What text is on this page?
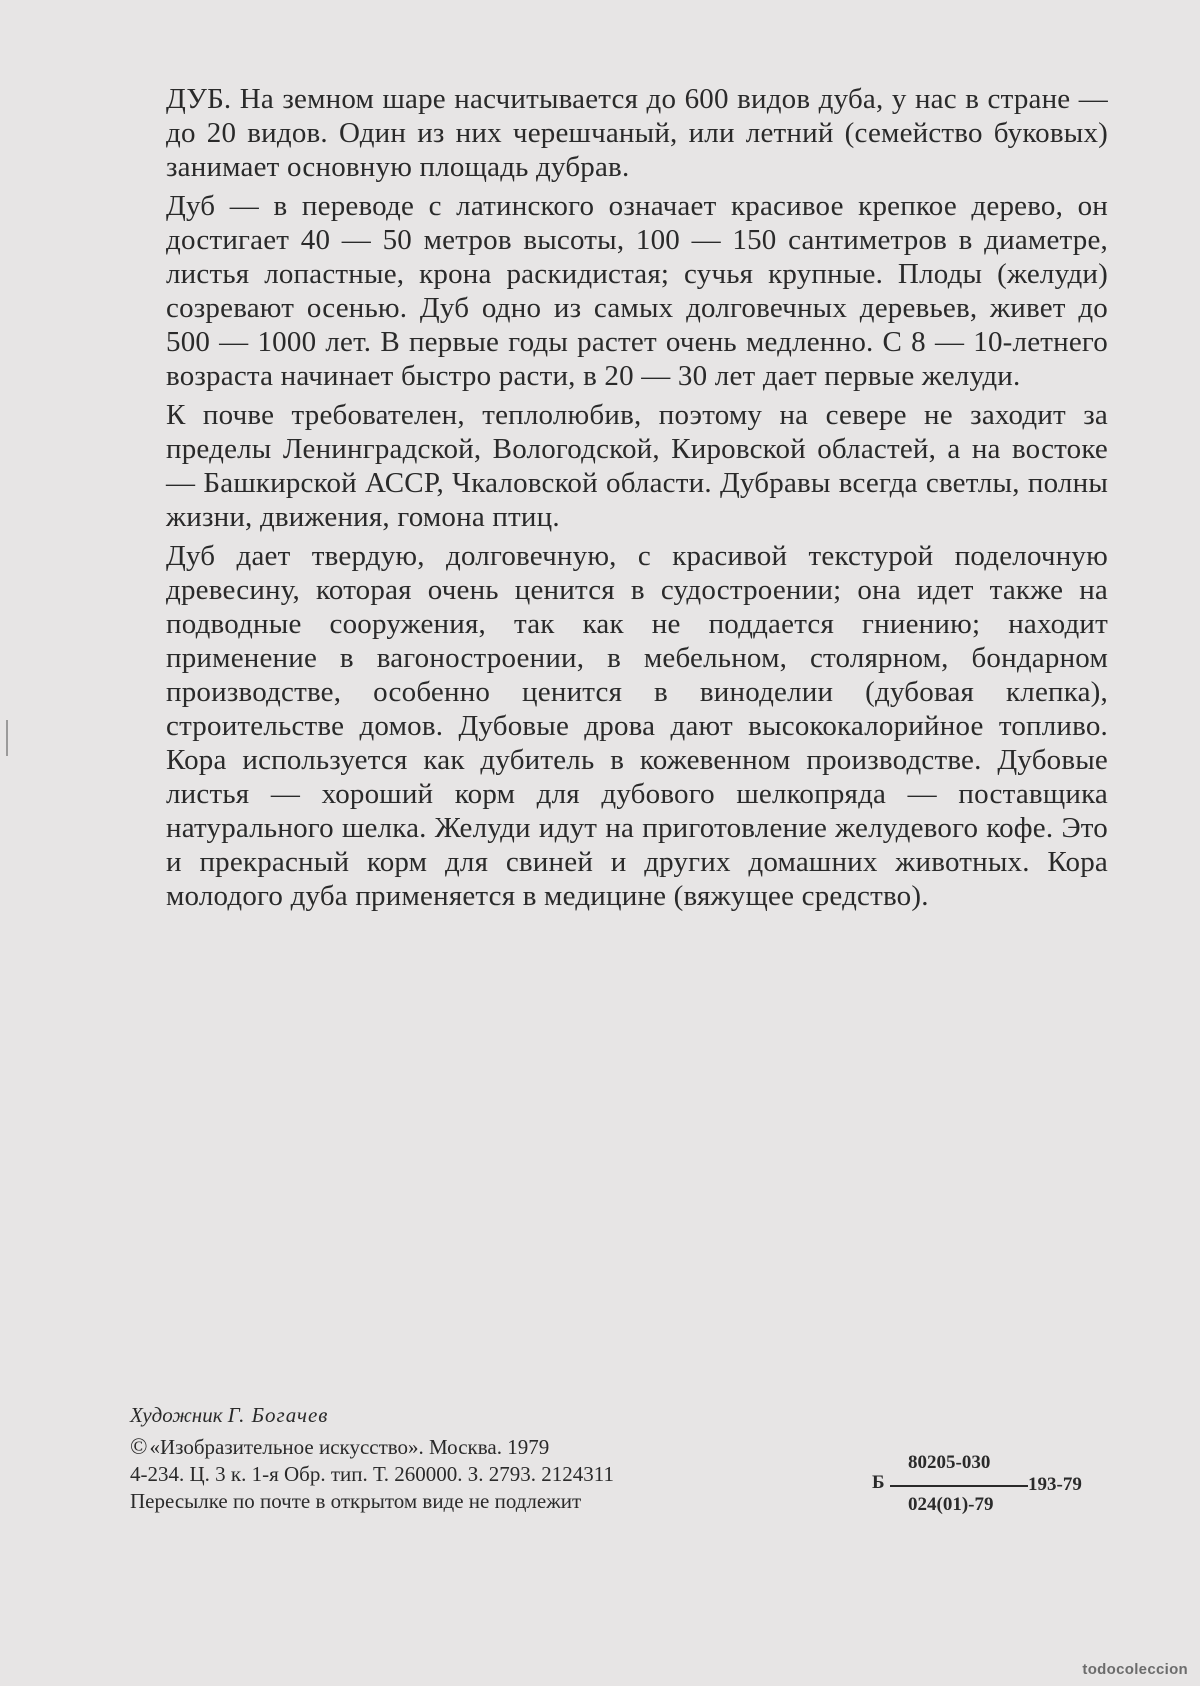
ДУБ. На земном шаре насчитывается до 600 видов дуба, у нас в стране — до 20 видов. Один из них черешчаный, или летний (семейство буковых) занимает основную площадь дубрав.

Дуб — в переводе с латинского означает красивое крепкое дерево, он достигает 40 — 50 метров высоты, 100 — 150 сантиметров в диаметре, листья лопастные, крона раскидистая; сучья крупные. Плоды (желуди) созревают осенью. Дуб одно из самых долговечных деревьев, живет до 500 — 1000 лет. В первые годы растет очень медленно. С 8 — 10-летнего возраста начинает быстро расти, в 20 — 30 лет дает первые желуди.

К почве требователен, теплолюбив, поэтому на севере не заходит за пределы Ленинградской, Вологодской, Кировской областей, а на востоке — Башкирской АССР, Чкаловской области. Дубравы всегда светлы, полны жизни, движения, гомона птиц.

Дуб дает твердую, долговечную, с красивой текстурой поделочную древесину, которая очень ценится в судостроении; она идет также на подводные сооружения, так как не поддается гниению; находит применение в вагоностроении, в мебельном, столярном, бондарном производстве, особенно ценится в виноделии (дубовая клепка), строительстве домов. Дубовые дрова дают высококалорийное топливо. Кора используется как дубитель в кожевенном производстве. Дубовые листья — хороший корм для дубового шелкопряда — поставщика натурального шелка. Желуди идут на приготовление желудевого кофе. Это и прекрасный корм для свиней и других домашних животных. Кора молодого дуба применяется в медицине (вяжущее средство).

Художник Г. Богачев
©«Изобразительное искусство». Москва. 1979
4-234. Ц. 3 к. 1-я Обр. тип. Т. 260000. З. 2793. 2124311
Пересылке по почте в открытом виде не подлежит
Б
80205-030
024(01)-79
193-79
todocoleccion
